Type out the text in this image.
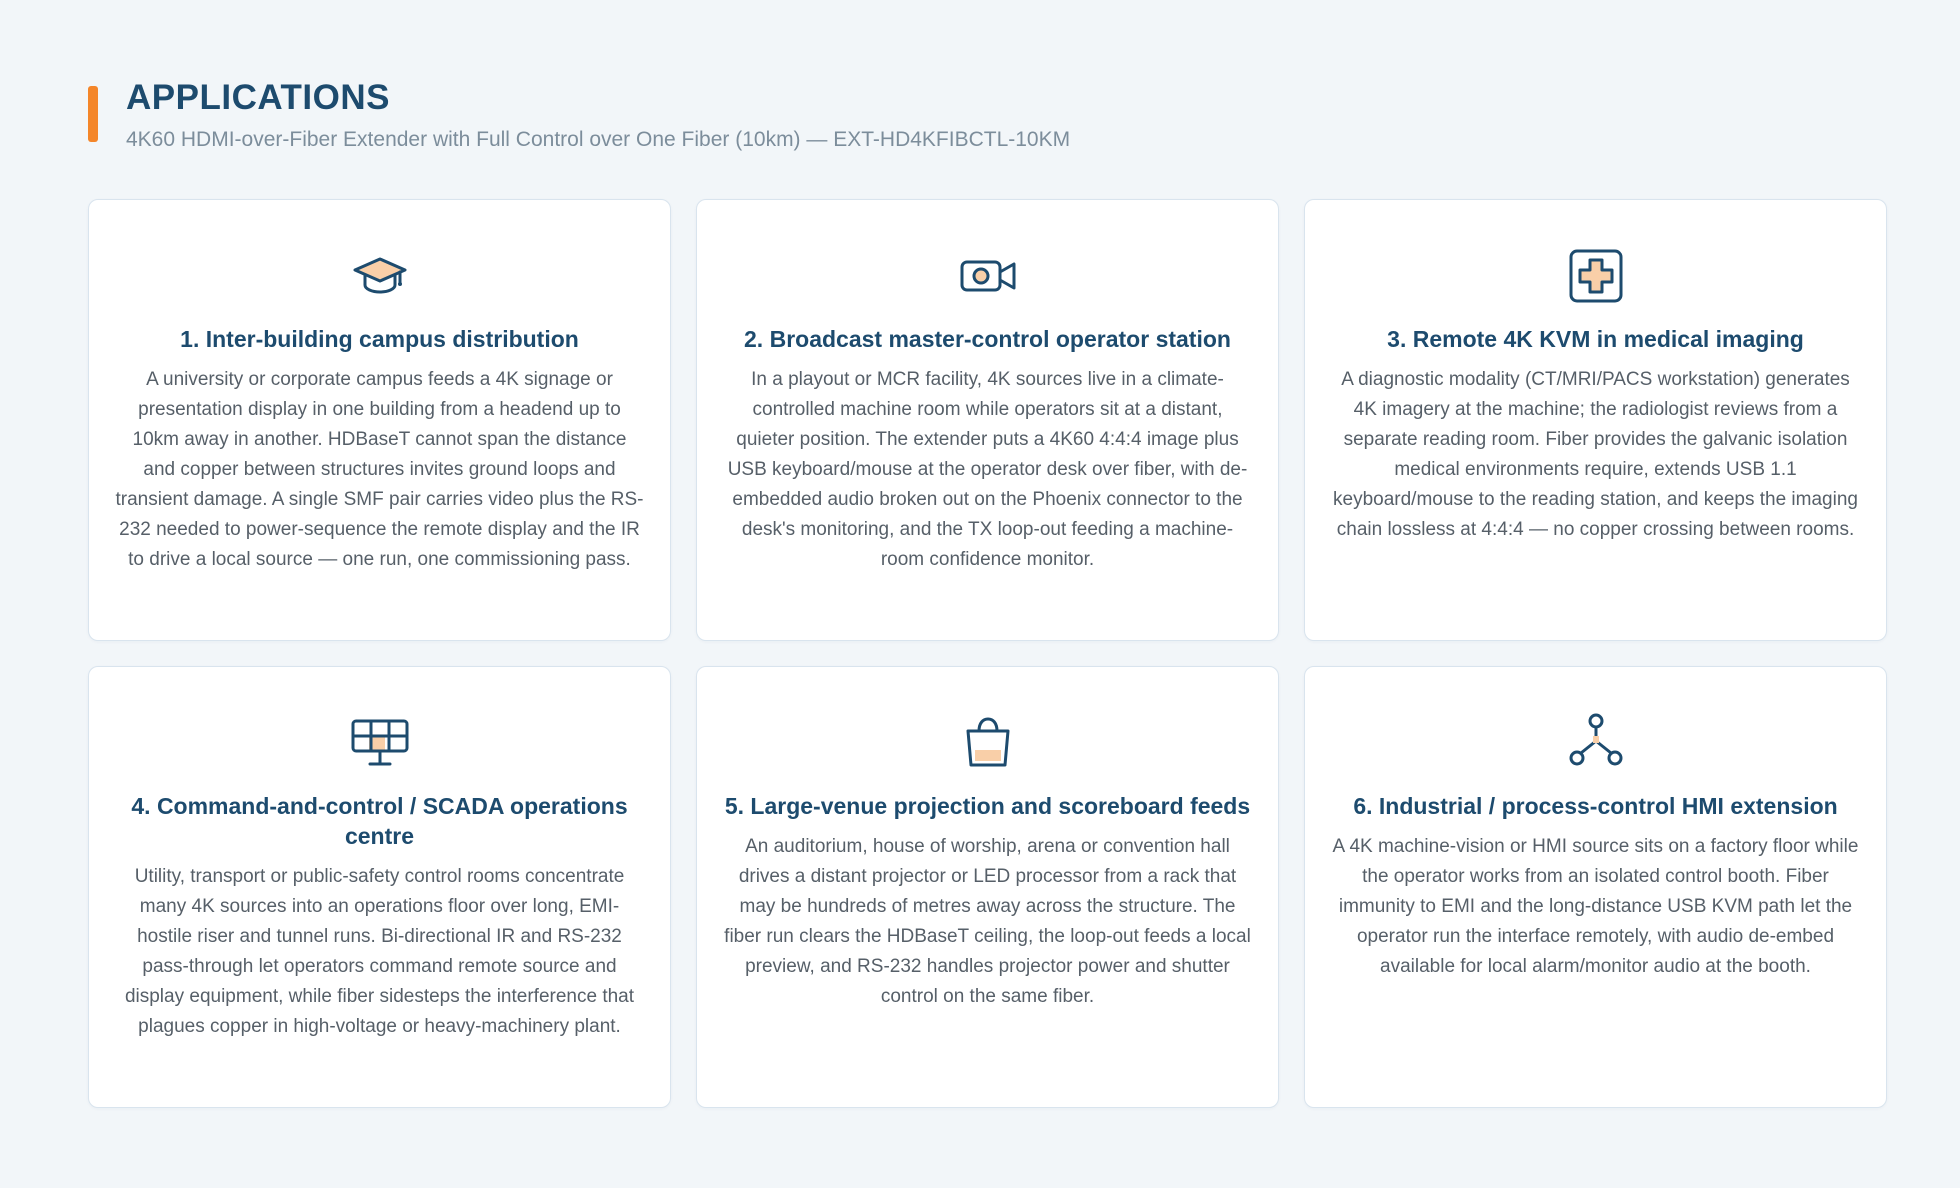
APPLICATIONS
4K60 HDMI-over-Fiber Extender with Full Control over One Fiber (10km) — EXT-HD4KFIBCTL-10KM
1. Inter-building campus distribution
A university or corporate campus feeds a 4K signage or presentation display in one building from a headend up to 10km away in another. HDBaseT cannot span the distance and copper between structures invites ground loops and transient damage. A single SMF pair carries video plus the RS-232 needed to power-sequence the remote display and the IR to drive a local source — one run, one commissioning pass.
2. Broadcast master-control operator station
In a playout or MCR facility, 4K sources live in a climate-controlled machine room while operators sit at a distant, quieter position. The extender puts a 4K60 4:4:4 image plus USB keyboard/mouse at the operator desk over fiber, with de-embedded audio broken out on the Phoenix connector to the desk's monitoring, and the TX loop-out feeding a machine-room confidence monitor.
3. Remote 4K KVM in medical imaging
A diagnostic modality (CT/MRI/PACS workstation) generates 4K imagery at the machine; the radiologist reviews from a separate reading room. Fiber provides the galvanic isolation medical environments require, extends USB 1.1 keyboard/mouse to the reading station, and keeps the imaging chain lossless at 4:4:4 — no copper crossing between rooms.
4. Command-and-control / SCADA operations centre
Utility, transport or public-safety control rooms concentrate many 4K sources into an operations floor over long, EMI-hostile riser and tunnel runs. Bi-directional IR and RS-232 pass-through let operators command remote source and display equipment, while fiber sidesteps the interference that plagues copper in high-voltage or heavy-machinery plant.
5. Large-venue projection and scoreboard feeds
An auditorium, house of worship, arena or convention hall drives a distant projector or LED processor from a rack that may be hundreds of metres away across the structure. The fiber run clears the HDBaseT ceiling, the loop-out feeds a local preview, and RS-232 handles projector power and shutter control on the same fiber.
6. Industrial / process-control HMI extension
A 4K machine-vision or HMI source sits on a factory floor while the operator works from an isolated control booth. Fiber immunity to EMI and the long-distance USB KVM path let the operator run the interface remotely, with audio de-embed available for local alarm/monitor audio at the booth.
